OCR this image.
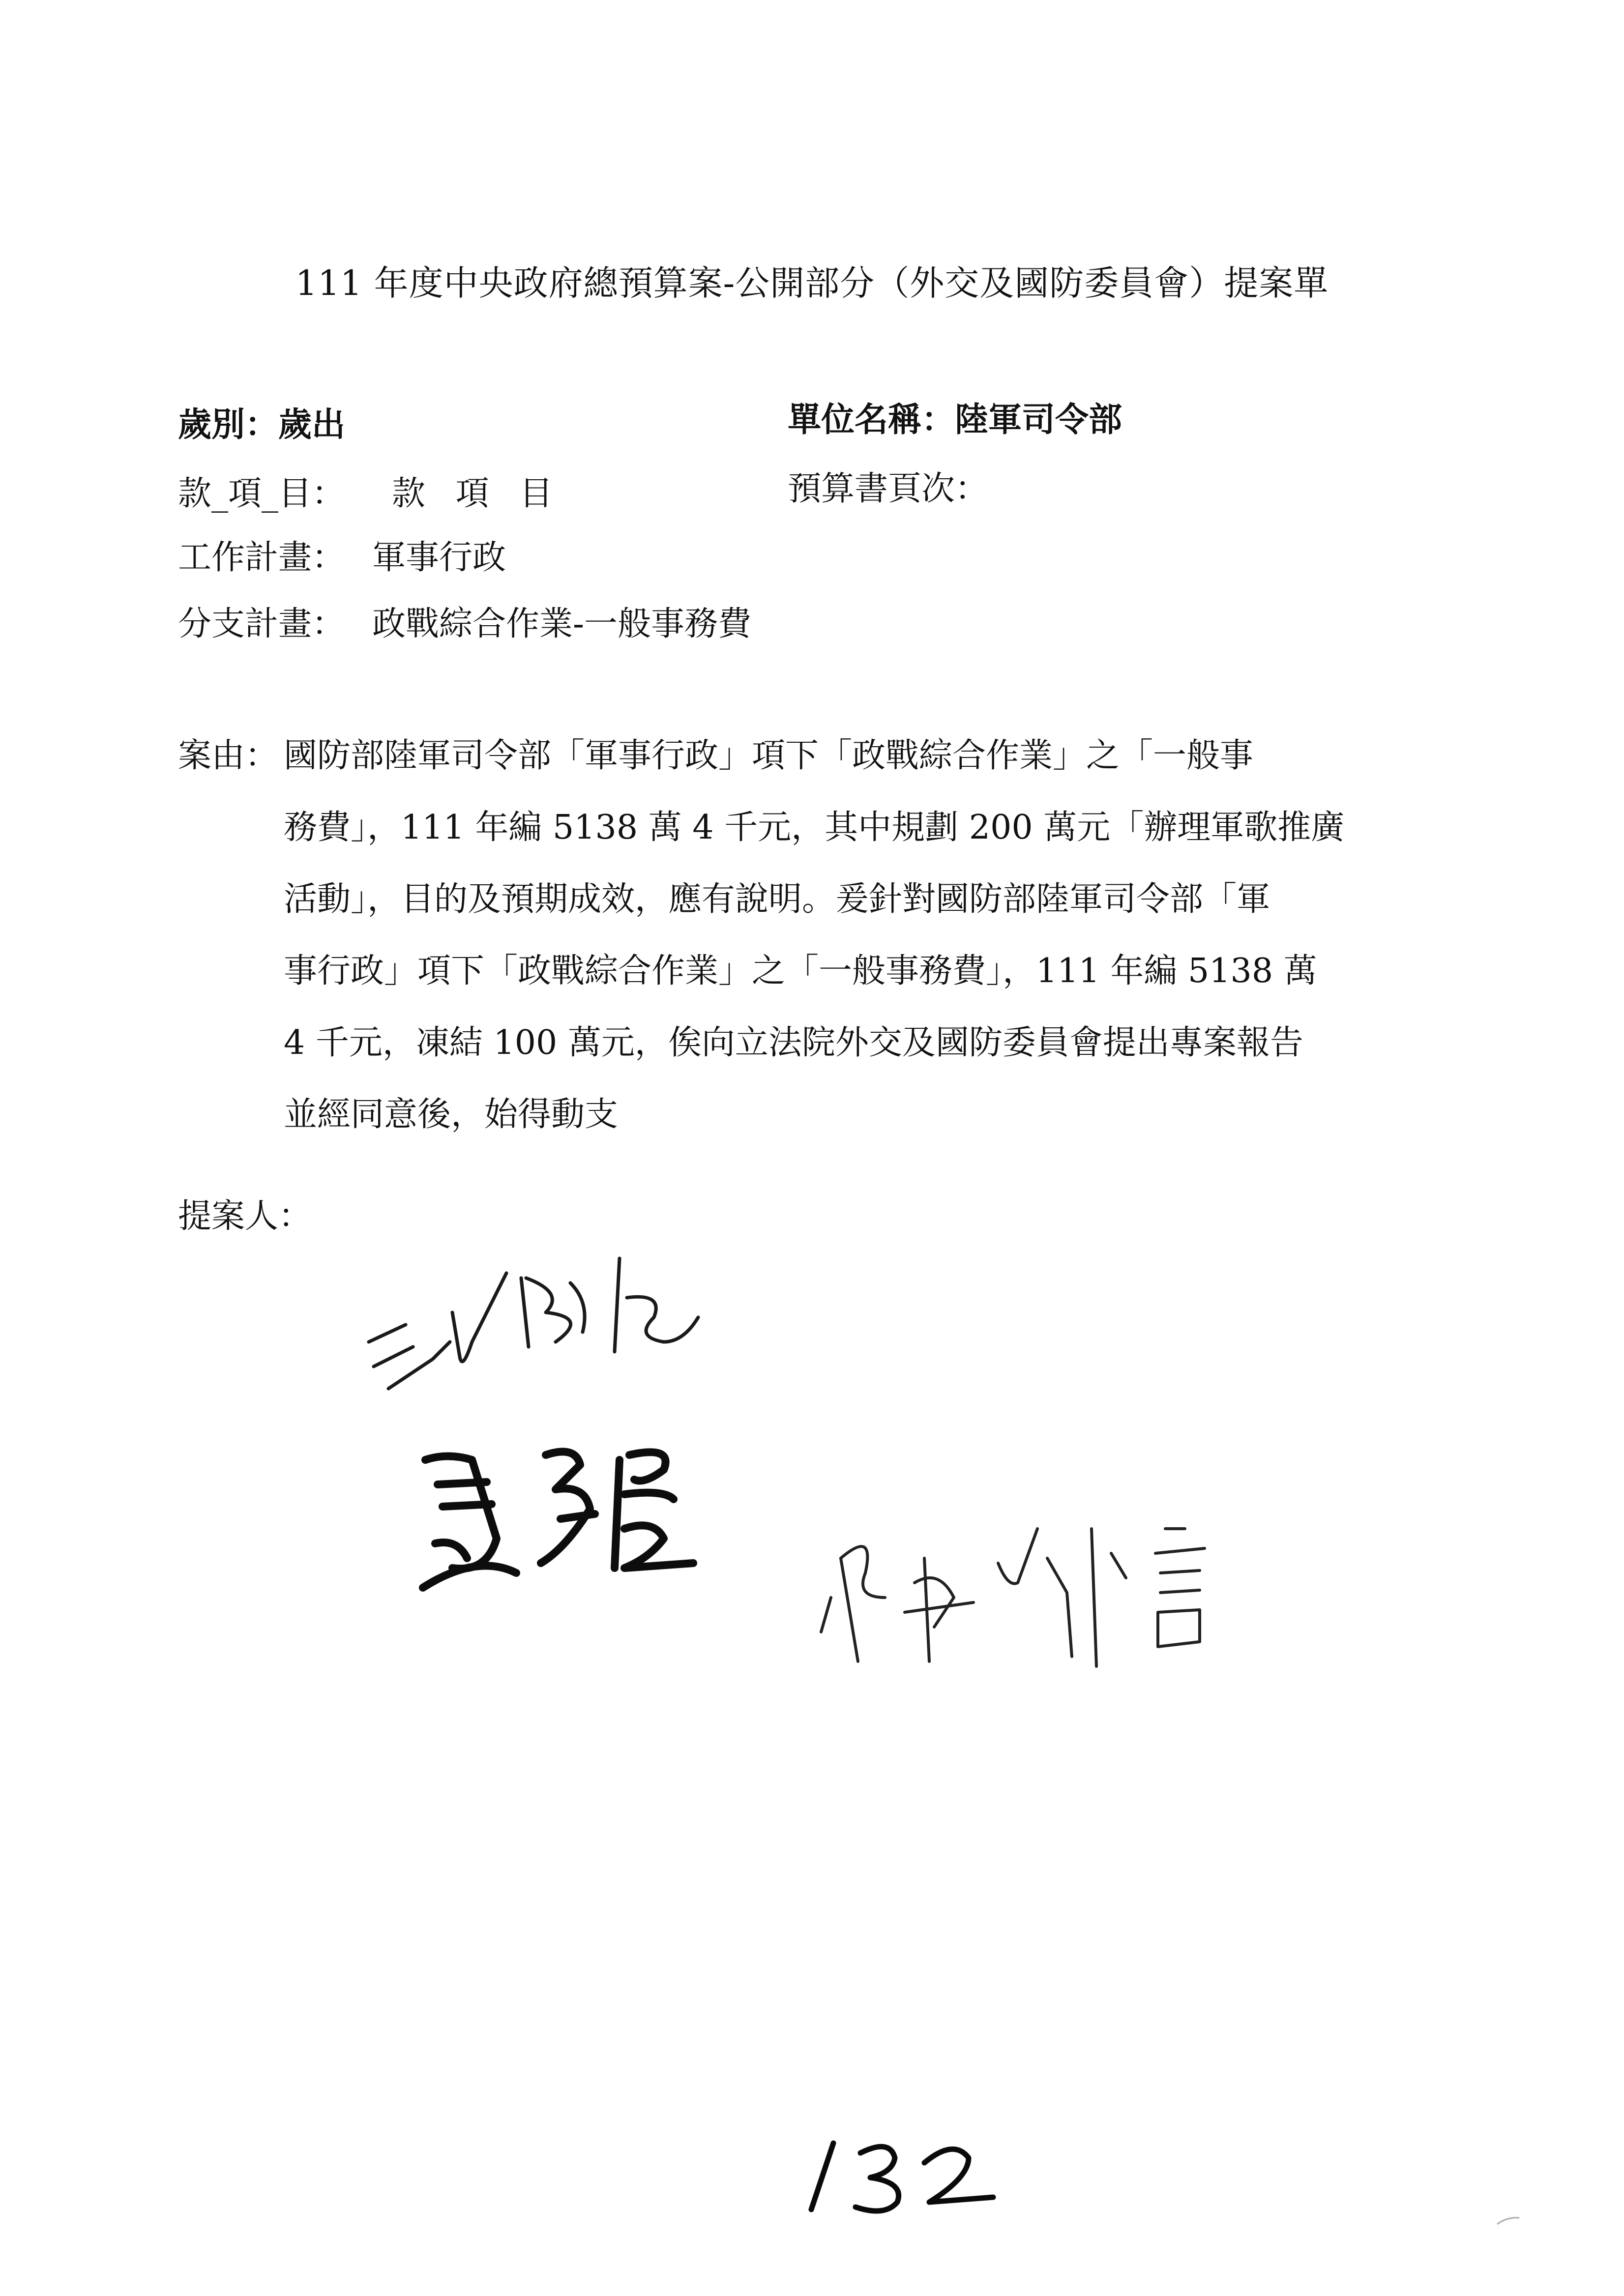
111 年度中央政府總預算案-公開部分（外交及國防委員會）提案單
歲別：歲出	單位名稱：陸軍司令部
款_項_目： 款 項 目	預算書頁次：
工作計畫： 軍事行政
分支計畫： 政戰綜合作業-一般事務費
案由： 國防部陸軍司令部「軍事行政」項下「政戰綜合作業」之「一般事
務費」，111 年編 5138 萬 4 千元，其中規劃 200 萬元「辦理軍歌推廣
活動」，目的及預期成效，應有說明。爰針對國防部陸軍司令部「軍
事行政」項下「政戰綜合作業」之「一般事務費」，111 年編 5138 萬
4 千元，凍結 100 萬元，俟向立法院外交及國防委員會提出專案報告
並經同意後，始得動支
提案人：
